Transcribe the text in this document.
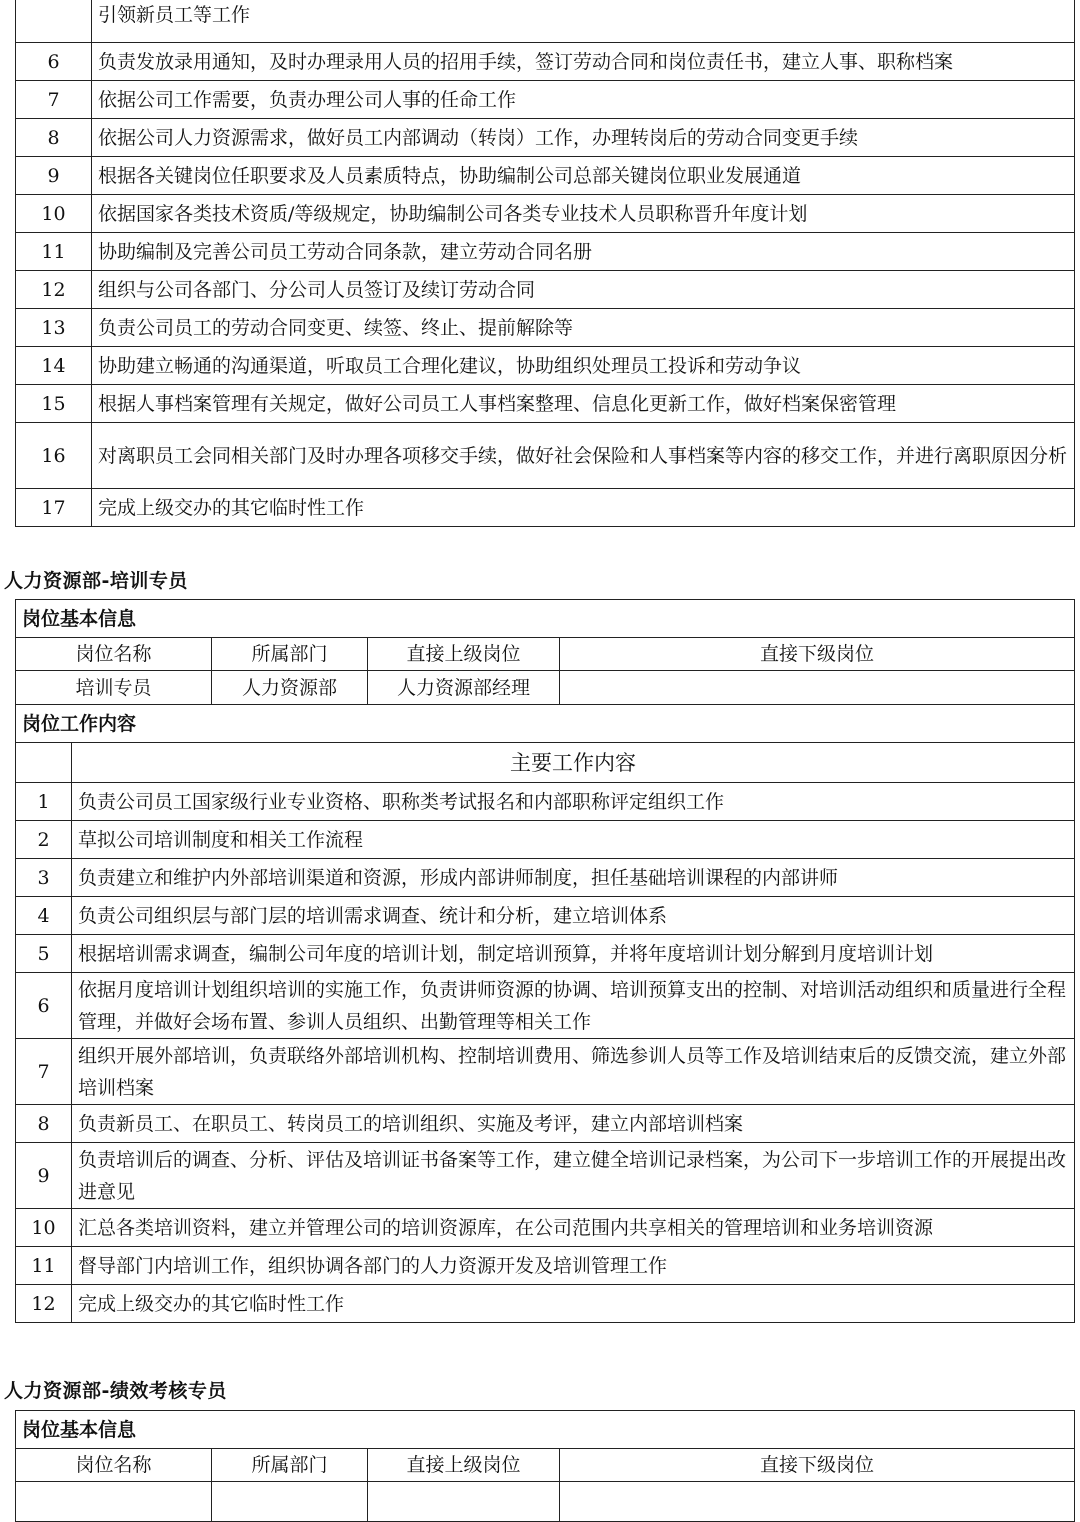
	引领新员工等工作
6	负责发放录用通知，及时办理录用人员的招用手续，签订劳动合同和岗位责任书，建立人事、职称档案
7	依据公司工作需要，负责办理公司人事的任命工作
8	依据公司人力资源需求，做好员工内部调动（转岗）工作，办理转岗后的劳动合同变更手续
9	根据各关键岗位任职要求及人员素质特点，协助编制公司总部关键岗位职业发展通道
10	依据国家各类技术资质/等级规定，协助编制公司各类专业技术人员职称晋升年度计划
11	协助编制及完善公司员工劳动合同条款，建立劳动合同名册
12	组织与公司各部门、分公司人员签订及续订劳动合同
13	负责公司员工的劳动合同变更、续签、终止、提前解除等
14	协助建立畅通的沟通渠道，听取员工合理化建议，协助组织处理员工投诉和劳动争议
15	根据人事档案管理有关规定，做好公司员工人事档案整理、信息化更新工作，做好档案保密管理
16	对离职员工会同相关部门及时办理各项移交手续，做好社会保险和人事档案等内容的移交工作，并进行离职原因分析
17	完成上级交办的其它临时性工作
人力资源部-培训专员
岗位基本信息				
岗位名称		所属部门	直接上级岗位	直接下级岗位
培训专员		人力资源部	人力资源部经理	
岗位工作内容				
	主要工作内容			
1	负责公司员工国家级行业专业资格、职称类考试报名和内部职称评定组织工作			
2	草拟公司培训制度和相关工作流程			
3	负责建立和维护内外部培训渠道和资源，形成内部讲师制度，担任基础培训课程的内部讲师			
4	负责公司组织层与部门层的培训需求调查、统计和分析，建立培训体系			
5	根据培训需求调查，编制公司年度的培训计划，制定培训预算，并将年度培训计划分解到月度培训计划			
6	依据月度培训计划组织培训的实施工作，负责讲师资源的协调、培训预算支出的控制、对培训活动组织和质量进行全程管理，并做好会场布置、参训人员组织、出勤管理等相关工作			
7	组织开展外部培训，负责联络外部培训机构、控制培训费用、筛选参训人员等工作及培训结束后的反馈交流，建立外部培训档案			
8	负责新员工、在职员工、转岗员工的培训组织、实施及考评，建立内部培训档案			
9	负责培训后的调查、分析、评估及培训证书备案等工作，建立健全培训记录档案，为公司下一步培训工作的开展提出改进意见			
10	汇总各类培训资料，建立并管理公司的培训资源库，在公司范围内共享相关的管理培训和业务培训资源			
11	督导部门内培训工作，组织协调各部门的人力资源开发及培训管理工作			
12	完成上级交办的其它临时性工作			
人力资源部-绩效考核专员
岗位基本信息			
岗位名称	所属部门	直接上级岗位	直接下级岗位
